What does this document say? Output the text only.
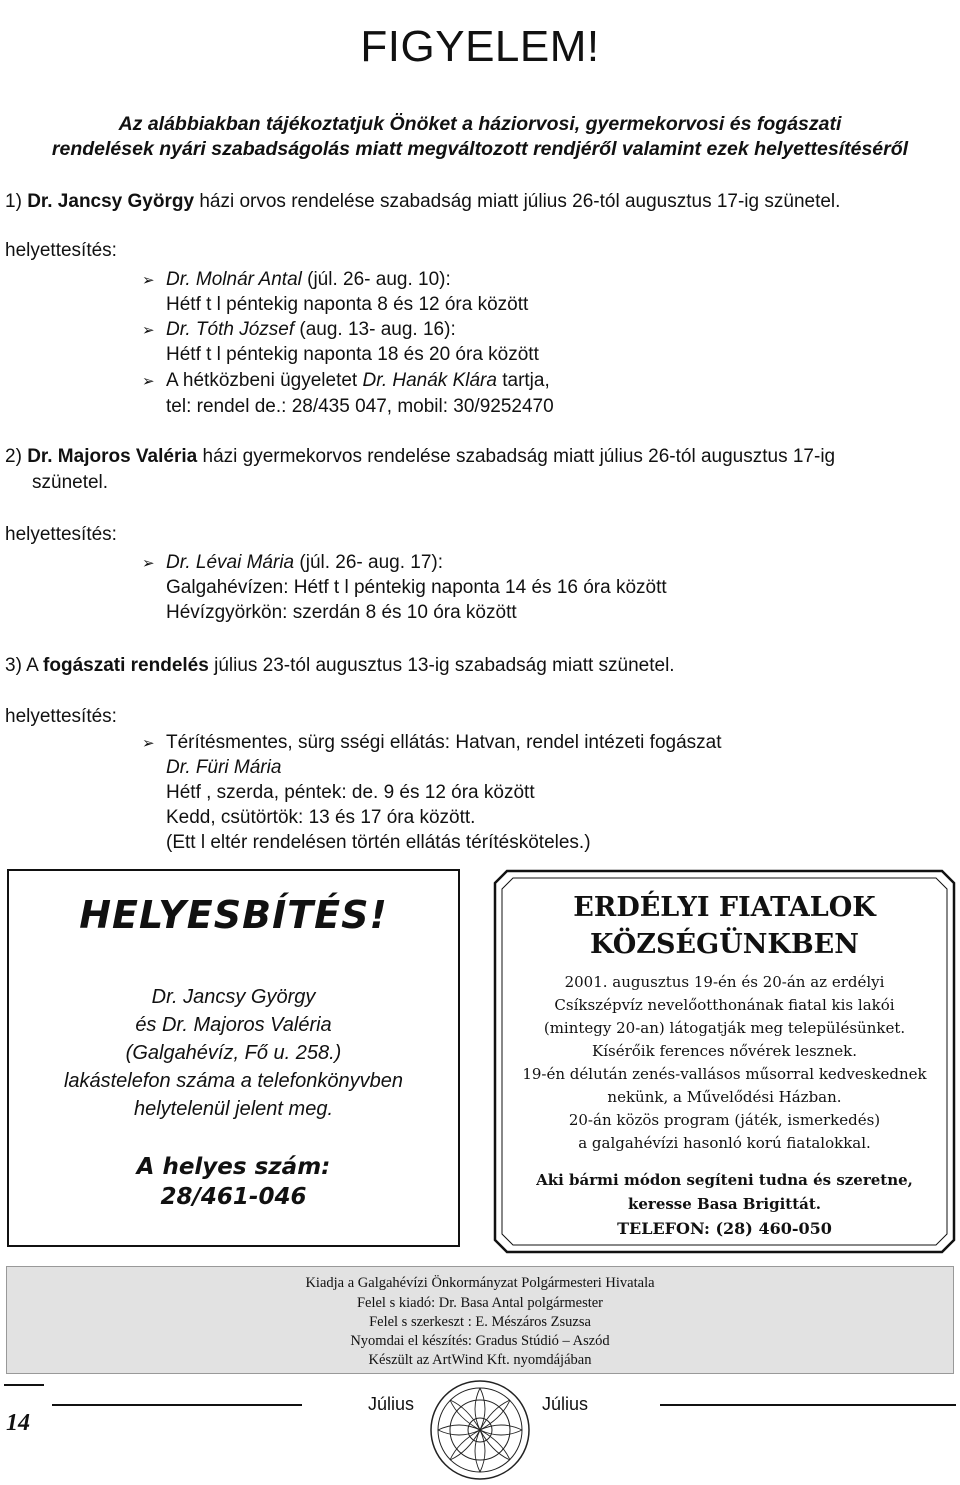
FIGYELEM!
Az alábbiakban tájékoztatjuk Önöket a háziorvosi, gyermekorvosi és fogászati
rendelések nyári szabadságolás miatt megváltozott rendjéről valamint ezek helyettesítéséről
1) Dr. Jancsy György házi orvos rendelése szabadság miatt július 26-tól augusztus 17-ig szünetel.
helyettesítés:
➢ Dr. Molnár Antal (júl. 26- aug. 10):
Hétf t l péntekig naponta 8 és 12 óra között
➢ Dr. Tóth József (aug. 13- aug. 16):
Hétf t l péntekig naponta 18 és 20 óra között
➢ A hétközbeni ügyeletet Dr. Hanák Klára tartja,
tel: rendel de.: 28/435 047, mobil: 30/9252470
2) Dr. Majoros Valéria házi gyermekorvos rendelése szabadság miatt július 26-tól augusztus 17-ig
szünetel.
helyettesítés:
➢ Dr. Lévai Mária (júl. 26- aug. 17):
Galgahévízen: Hétf t l péntekig naponta 14 és 16 óra között
Hévízgyörkön: szerdán 8 és 10 óra között
3) A fogászati rendelés július 23-tól augusztus 13-ig szabadság miatt szünetel.
helyettesítés:
➢ Térítésmentes, sürg sségi ellátás: Hatvan, rendel intézeti fogászat
Dr. Füri Mária
Hétf , szerda, péntek: de. 9 és 12 óra között
Kedd, csütörtök: 13 és 17 óra között.
(Ett l eltér rendelésen történ ellátás térítésköteles.)
HELYESBÍTÉS!
Dr. Jancsy György
és Dr. Majoros Valéria
(Galgahévíz, Fő u. 258.)
lakástelefon száma a telefonkönyvben
helytelenül jelent meg.
A helyes szám:
28/461-046
ERDÉLYI FIATALOK
KÖZSÉGÜNKBEN
2001. augusztus 19-én és 20-án az erdélyi
Csíkszépvíz nevelőotthonának fiatal kis lakói
(mintegy 20-an) látogatják meg településünket.
Kísérőik ferences nővérek lesznek.
19-én délután zenés-vallásos műsorral kedveskednek
nekünk, a Művelődési Házban.
20-án közös program (játék, ismerkedés)
a galgahévízi hasonló korú fiatalokkal.
Aki bármi módon segíteni tudna és szeretne,
keresse Basa Brigittát.
TELEFON: (28) 460-050
Kiadja a Galgahévízi Önkormányzat Polgármesteri Hivatala
Felel s kiadó: Dr. Basa Antal polgármester
Felel s szerkeszt : E. Mészáros Zsuzsa
Nyomdai el készítés: Gradus Stúdió – Aszód
Készült az ArtWind Kft. nyomdájában
14
Július	Július
